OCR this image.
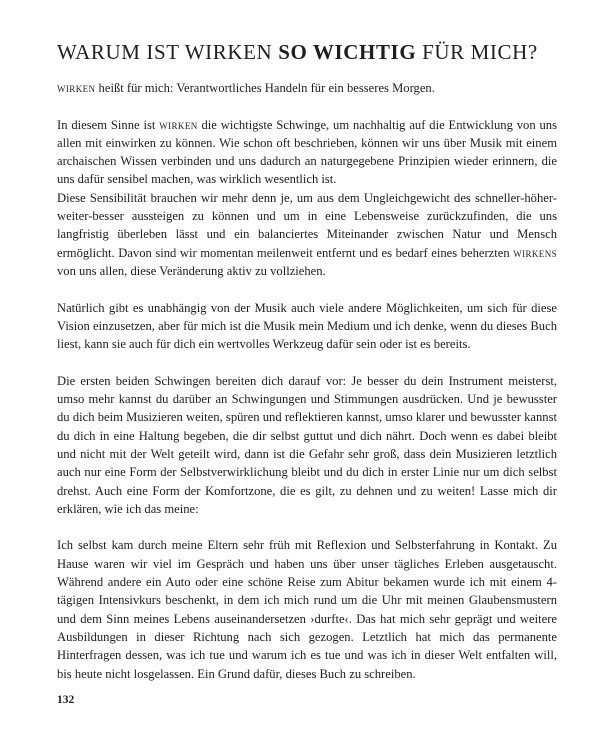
WARUM IST WIRKEN SO WICHTIG FÜR MICH?

wirken heißt für mich: Verantwortliches Handeln für ein besseres Morgen.

In diesem Sinne ist wirken die wichtigste Schwinge, um nachhaltig auf die Entwicklung von uns allen mit einwirken zu können. Wie schon oft beschrieben, können wir uns über Musik mit einem archaischen Wissen verbinden und uns dadurch an naturgegebene Prinzipien wieder erinnern, die uns dafür sensibel machen, was wirklich wesentlich ist.
Diese Sensibilität brauchen wir mehr denn je, um aus dem Ungleichgewicht des schneller-höher-weiter-besser aussteigen zu können und um in eine Lebensweise zurückzufinden, die uns langfristig überleben lässt und ein balanciertes Miteinander zwischen Natur und Mensch ermöglicht. Davon sind wir momentan meilenweit entfernt und es bedarf eines beherzten wirkens von uns allen, diese Veränderung aktiv zu vollziehen.

Natürlich gibt es unabhängig von der Musik auch viele andere Möglichkeiten, um sich für diese Vision einzusetzen, aber für mich ist die Musik mein Medium und ich denke, wenn du dieses Buch liest, kann sie auch für dich ein wertvolles Werkzeug dafür sein oder ist es bereits.

Die ersten beiden Schwingen bereiten dich darauf vor: Je besser du dein Instrument meisterst, umso mehr kannst du darüber an Schwingungen und Stimmungen ausdrücken. Und je bewusster du dich beim Musizieren weiten, spüren und reflektieren kannst, umso klarer und bewusster kannst du dich in eine Haltung begeben, die dir selbst guttut und dich nährt. Doch wenn es dabei bleibt und nicht mit der Welt geteilt wird, dann ist die Gefahr sehr groß, dass dein Musizieren letztlich auch nur eine Form der Selbstverwirklichung bleibt und du dich in erster Linie nur um dich selbst drehst. Auch eine Form der Komfortzone, die es gilt, zu dehnen und zu weiten! Lasse mich dir erklären, wie ich das meine:

Ich selbst kam durch meine Eltern sehr früh mit Reflexion und Selbsterfahrung in Kontakt. Zu Hause waren wir viel im Gespräch und haben uns über unser tägliches Erleben ausgetauscht. Während andere ein Auto oder eine schöne Reise zum Abitur bekamen wurde ich mit einem 4-tägigen Intensivkurs beschenkt, in dem ich mich rund um die Uhr mit meinen Glaubensmustern und dem Sinn meines Lebens auseinandersetzen ›durfte‹. Das hat mich sehr geprägt und weitere Ausbildungen in dieser Richtung nach sich gezogen. Letztlich hat mich das permanente Hinterfragen dessen, was ich tue und warum ich es tue und was ich in dieser Welt entfalten will, bis heute nicht losgelassen. Ein Grund dafür, dieses Buch zu schreiben.

132
